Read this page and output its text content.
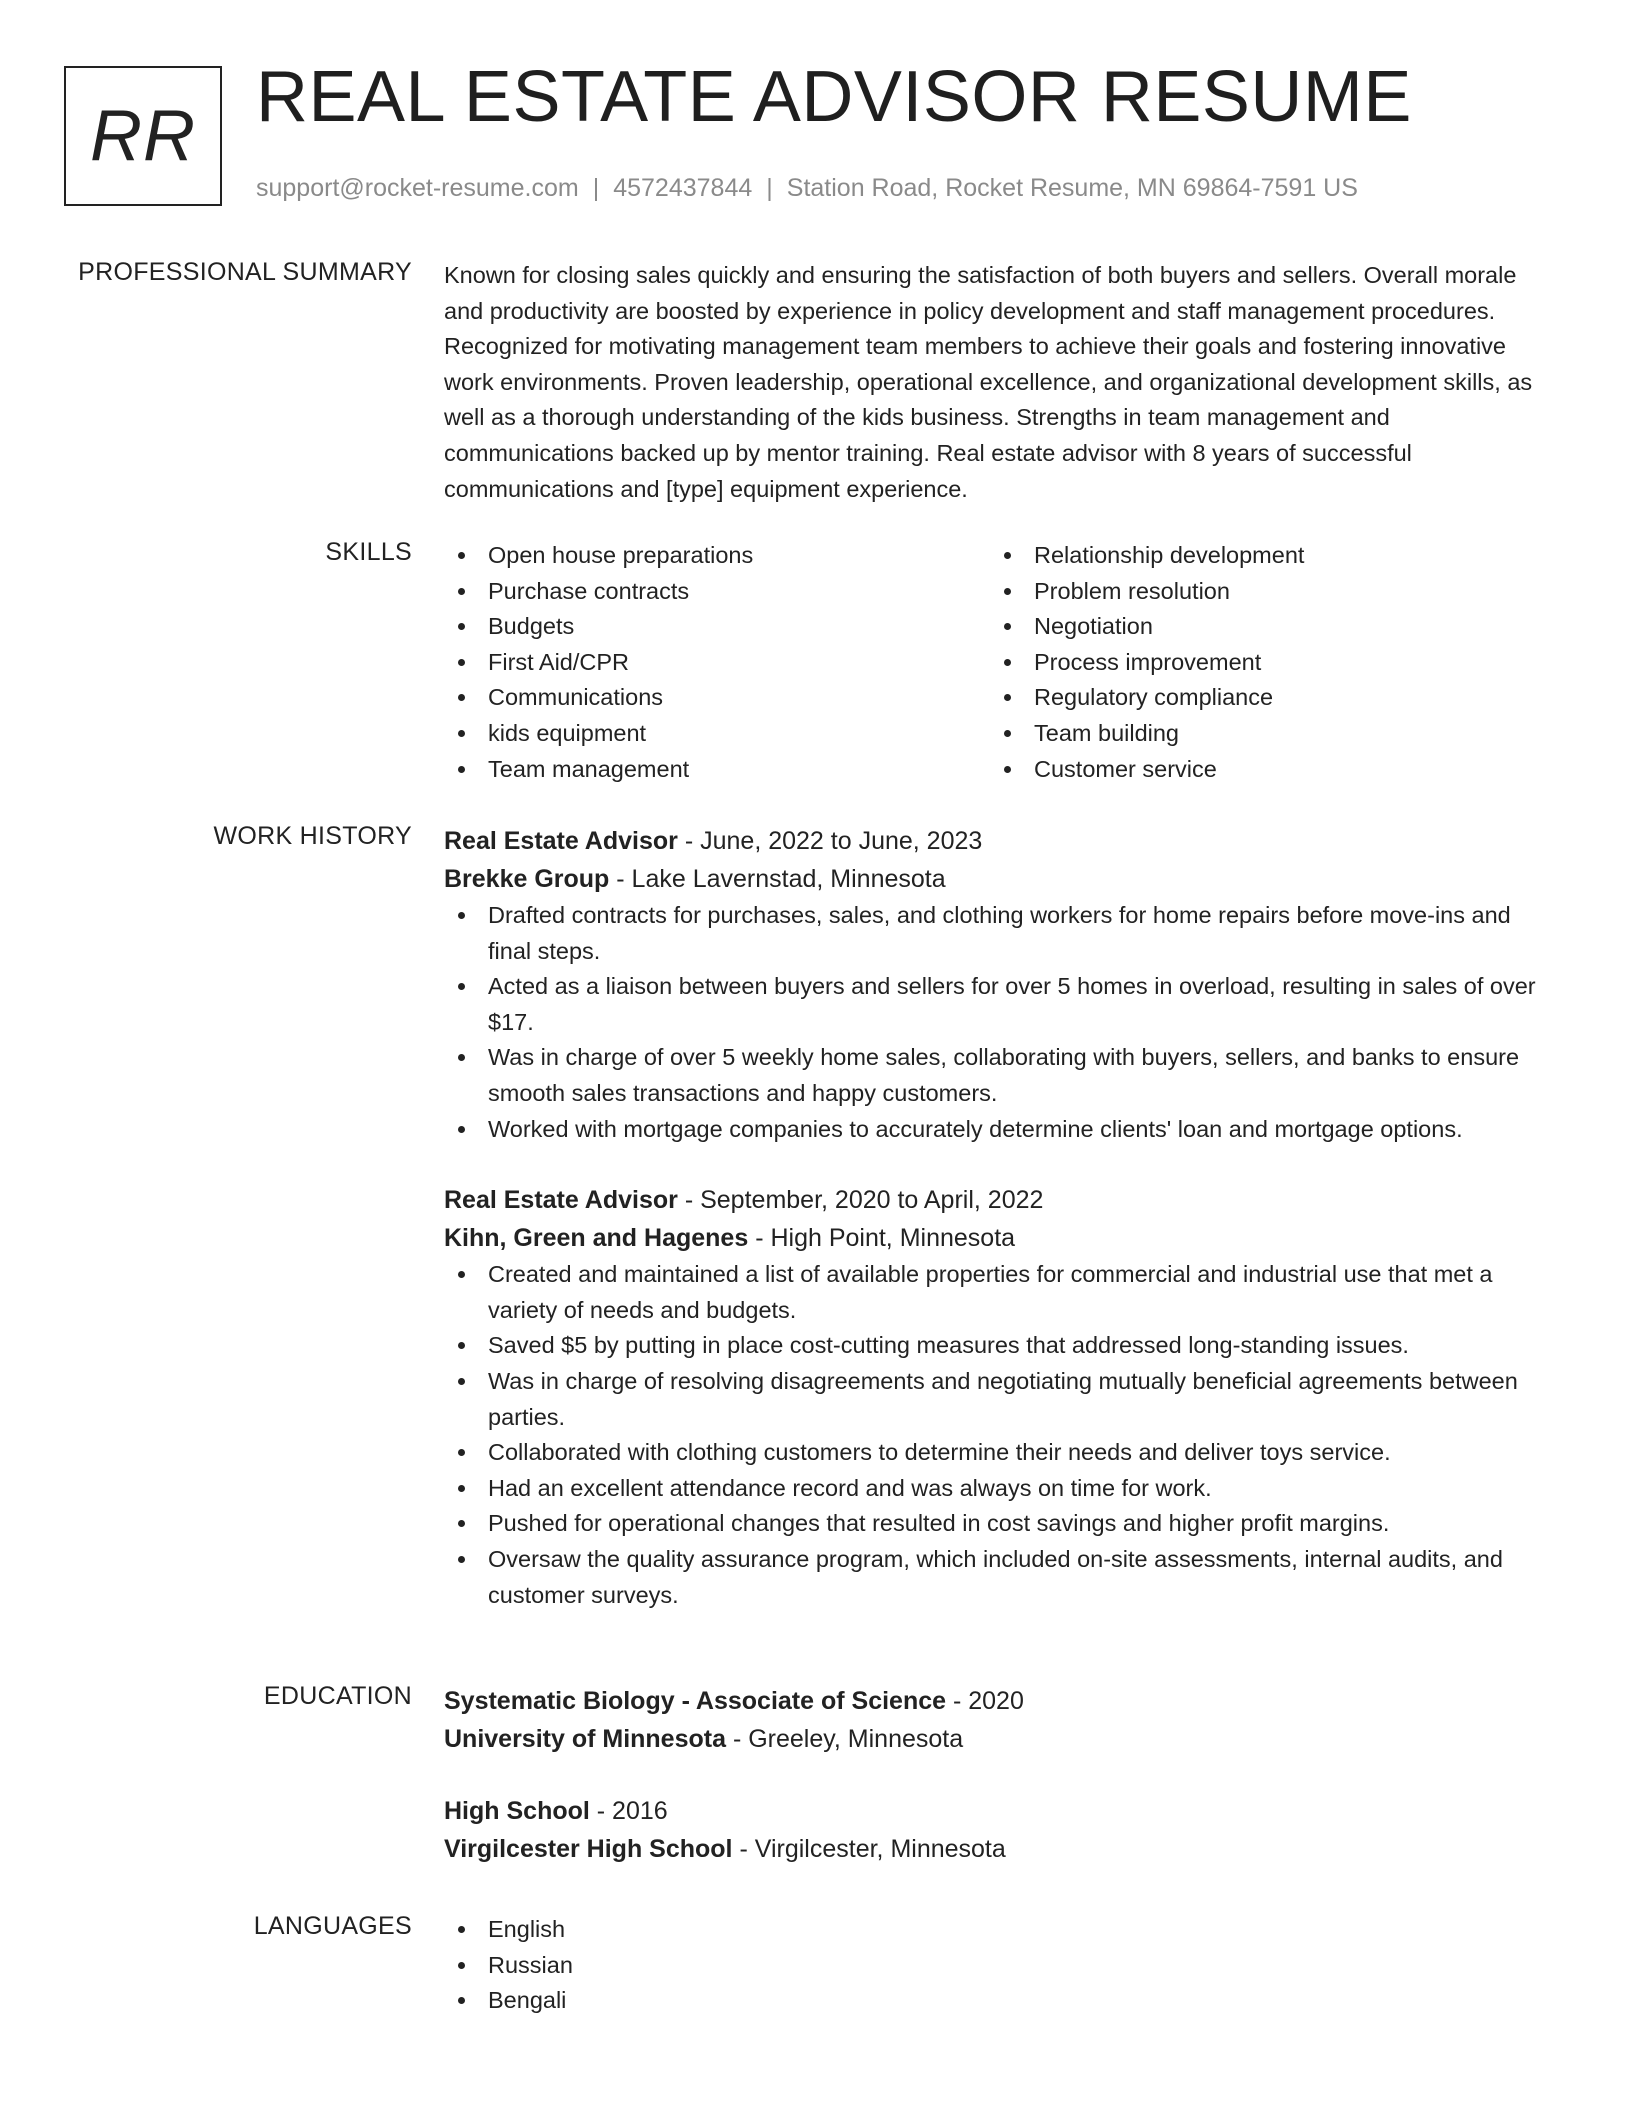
RR REAL ESTATE ADVISOR RESUME
support@rocket-resume.com | 4572437844 | Station Road, Rocket Resume, MN 69864-7591 US
PROFESSIONAL SUMMARY Known for closing sales quickly and ensuring the satisfaction of both buyers and sellers. Overall morale and productivity are boosted by experience in policy development and staff management procedures. Recognized for motivating management team members to achieve their goals and fostering innovative work environments. Proven leadership, operational excellence, and organizational development skills, as well as a thorough understanding of the kids business. Strengths in team management and communications backed up by mentor training. Real estate advisor with 8 years of successful communications and [type] equipment experience.

SKILLS	Open house preparations
Purchase contracts
Budgets
First Aid/CPR
Communications
kids equipment
Team management
Relationship development
Problem resolution
Negotiation
Process improvement
Regulatory compliance
Team building
Customer service
WORK HISTORY Real Estate Advisor - June, 2022 to June, 2023
Brekke Group - Lake Lavernstad, Minnesota
Drafted contracts for purchases, sales, and clothing workers for home repairs before move-ins and final steps.
Acted as a liaison between buyers and sellers for over 5 homes in overload, resulting in sales of over $17.
Was in charge of over 5 weekly home sales, collaborating with buyers, sellers, and banks to ensure smooth sales transactions and happy customers.
Worked with mortgage companies to accurately determine clients' loan and mortgage options.
Real Estate Advisor - September, 2020 to April, 2022
Kihn, Green and Hagenes - High Point, Minnesota
Created and maintained a list of available properties for commercial and industrial use that met a variety of needs and budgets.
Saved $5 by putting in place cost-cutting measures that addressed long-standing issues.
Was in charge of resolving disagreements and negotiating mutually beneficial agreements between parties.
Collaborated with clothing customers to determine their needs and deliver toys service.
Had an excellent attendance record and was always on time for work.
Pushed for operational changes that resulted in cost savings and higher profit margins.
Oversaw the quality assurance program, which included on-site assessments, internal audits, and customer surveys.
EDUCATION Systematic Biology - Associate of Science - 2020
University of Minnesota - Greeley, Minnesota
High School - 2016
Virgilcester High School - Virgilcester, Minnesota
LANGUAGES	English
Russian
Bengali
